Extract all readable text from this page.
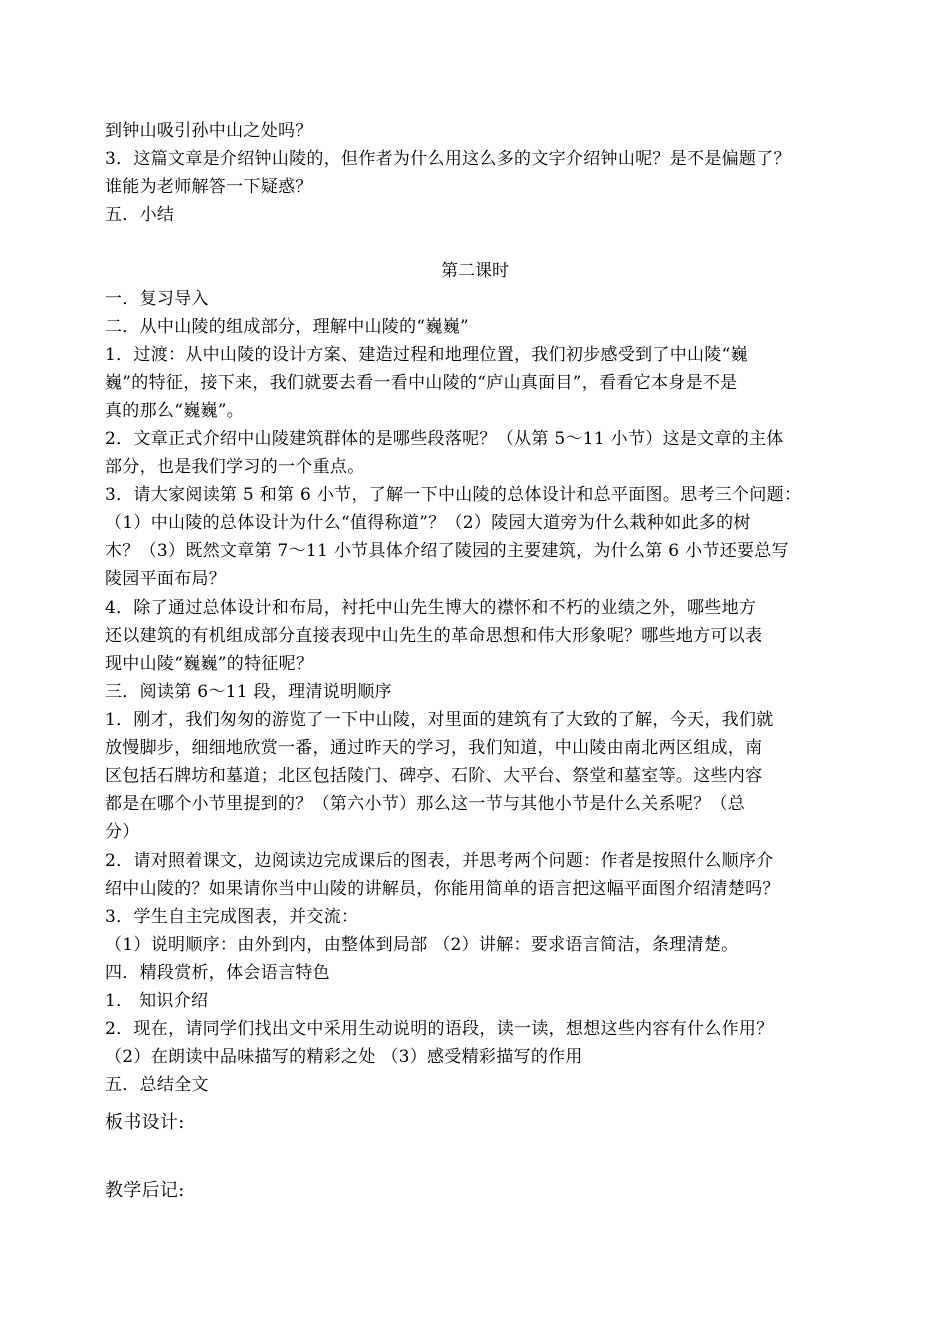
到钟山吸引孙中山之处吗？
3．这篇文章是介绍钟山陵的，但作者为什么用这么多的文字介绍钟山呢？是不是偏题了？
谁能为老师解答一下疑惑？
五．小结
第二课时
一．复习导入
二．从中山陵的组成部分，理解中山陵的“巍巍”
1．过渡：从中山陵的设计方案、建造过程和地理位置，我们初步感受到了中山陵“巍
巍”的特征，接下来，我们就要去看一看中山陵的“庐山真面目”，看看它本身是不是
真的那么“巍巍”。
2．文章正式介绍中山陵建筑群体的是哪些段落呢？（从第 5～11 小节）这是文章的主体
部分，也是我们学习的一个重点。
3．请大家阅读第 5 和第 6 小节，了解一下中山陵的总体设计和总平面图。思考三个问题：
（1）中山陵的总体设计为什么“值得称道”？（2）陵园大道旁为什么栽种如此多的树
木？（3）既然文章第 7～11 小节具体介绍了陵园的主要建筑，为什么第 6 小节还要总写
陵园平面布局？
4．除了通过总体设计和布局，衬托中山先生博大的襟怀和不朽的业绩之外，哪些地方
还以建筑的有机组成部分直接表现中山先生的革命思想和伟大形象呢？哪些地方可以表
现中山陵“巍巍”的特征呢？
三．阅读第 6～11 段，理清说明顺序
1．刚才，我们匆匆的游览了一下中山陵，对里面的建筑有了大致的了解，今天，我们就
放慢脚步，细细地欣赏一番，通过昨天的学习，我们知道，中山陵由南北两区组成，南
区包括石牌坊和墓道；北区包括陵门、碑亭、石阶、大平台、祭堂和墓室等。这些内容
都是在哪个小节里提到的？（第六小节）那么这一节与其他小节是什么关系呢？（总
分）
2．请对照着课文，边阅读边完成课后的图表，并思考两个问题：作者是按照什么顺序介
绍中山陵的？如果请你当中山陵的讲解员，你能用简单的语言把这幅平面图介绍清楚吗？
3．学生自主完成图表，并交流：
（1）说明顺序：由外到内，由整体到局部 （2）讲解：要求语言简洁，条理清楚。
四．精段赏析，体会语言特色
1． 知识介绍
2．现在，请同学们找出文中采用生动说明的语段，读一读，想想这些内容有什么作用？
（2）在朗读中品味描写的精彩之处 （3）感受精彩描写的作用
五．总结全文
板书设计:
教学后记:
